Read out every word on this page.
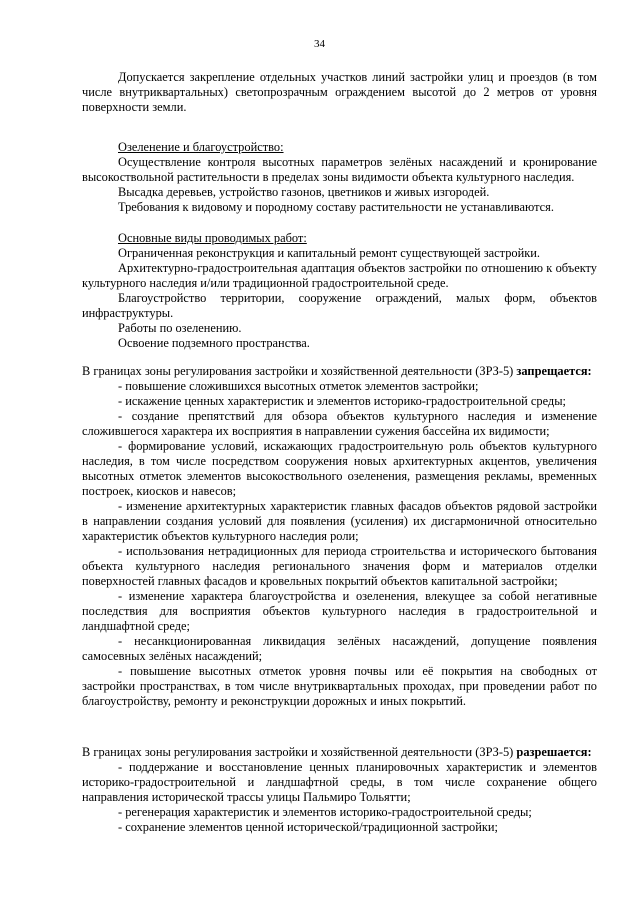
34

Допускается закрепление отдельных участков линий застройки улиц и проездов (в том числе внутриквартальных) светопрозрачным ограждением высотой до 2 метров от уровня поверхности земли.

Озеленение и благоустройство:

Осуществление контроля высотных параметров зелёных насаждений и кронирование высокоствольной растительности в пределах зоны видимости объекта культурного наследия.

Высадка деревьев, устройство газонов, цветников и живых изгородей.

Требования к видовому и породному составу растительности не устанавливаются.

Основные виды проводимых работ:

Ограниченная реконструкция и капитальный ремонт существующей застройки.

Архитектурно-градостроительная адаптация объектов застройки по отношению к объекту культурного наследия и/или традиционной градостроительной среде.

Благоустройство территории, сооружение ограждений, малых форм, объектов инфраструктуры.

Работы по озеленению.

Освоение подземного пространства.

В границах зоны регулирования застройки и хозяйственной деятельности (ЗРЗ-5) запрещается:

- повышение сложившихся высотных отметок элементов застройки;

- искажение ценных характеристик и элементов историко-градостроительной среды;

- создание препятствий для обзора объектов культурного наследия и изменение сложившегося характера их восприятия в направлении сужения бассейна их видимости;

- формирование условий, искажающих градостроительную роль объектов культурного наследия, в том числе посредством сооружения новых архитектурных акцентов, увеличения высотных отметок элементов высокоствольного озеленения, размещения рекламы, временных построек, киосков и навесов;

- изменение архитектурных характеристик главных фасадов объектов рядовой застройки в направлении создания условий для появления (усиления) их дисгармоничной относительно характеристик объектов культурного наследия роли;

- использования нетрадиционных для периода строительства и исторического бытования объекта культурного наследия регионального значения форм и материалов отделки поверхностей главных фасадов и кровельных покрытий объектов капитальной застройки;

- изменение характера благоустройства и озеленения, влекущее за собой негативные последствия для восприятия объектов культурного наследия в градостроительной и ландшафтной среде;

- несанкционированная ликвидация зелёных насаждений, допущение появления самосевных зелёных насаждений;

- повышение высотных отметок уровня почвы или её покрытия на свободных от застройки пространствах, в том числе внутриквартальных проходах, при проведении работ по благоустройству, ремонту и реконструкции дорожных и иных покрытий.

В границах зоны регулирования застройки и хозяйственной деятельности (ЗРЗ-5) разрешается:

- поддержание и восстановление ценных планировочных характеристик и элементов историко-градостроительной и ландшафтной среды, в том числе сохранение общего направления исторической трассы улицы Пальмиро Тольятти;

- регенерация характеристик и элементов историко-градостроительной среды;

- сохранение элементов ценной исторической/традиционной застройки;
